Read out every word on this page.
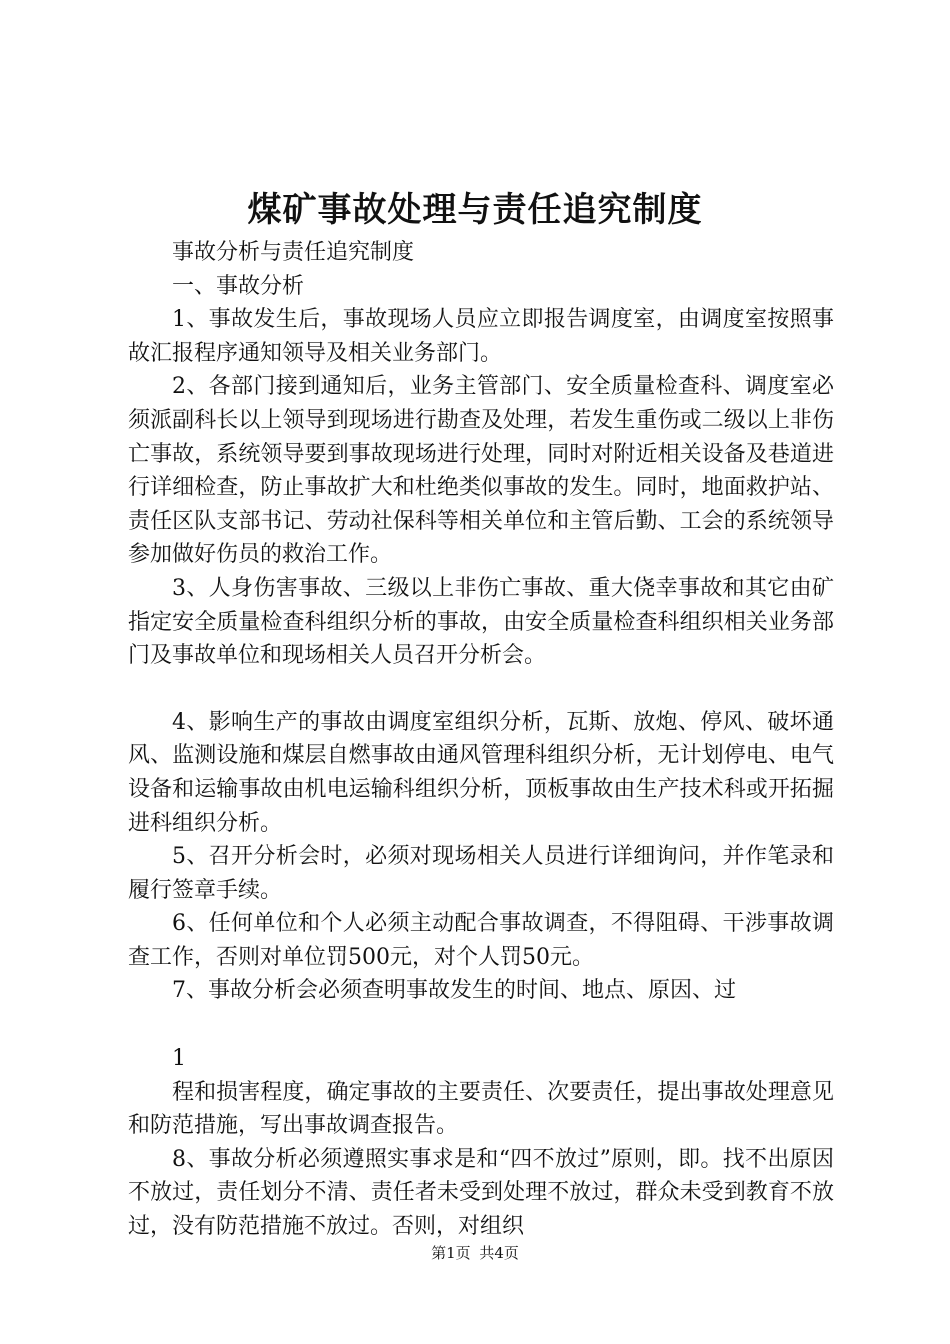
煤矿事故处理与责任追究制度

事故分析与责任追究制度

一、事故分析

1、事故发生后，事故现场人员应立即报告调度室，由调度室按照事故汇报程序通知领导及相关业务部门。

2、各部门接到通知后，业务主管部门、安全质量检查科、调度室必须派副科长以上领导到现场进行勘查及处理，若发生重伤或二级以上非伤亡事故，系统领导要到事故现场进行处理，同时对附近相关设备及巷道进行详细检查，防止事故扩大和杜绝类似事故的发生。同时，地面救护站、责任区队支部书记、劳动社保科等相关单位和主管后勤、工会的系统领导参加做好伤员的救治工作。

3、人身伤害事故、三级以上非伤亡事故、重大侥幸事故和其它由矿指定安全质量检查科组织分析的事故，由安全质量检查科组织相关业务部门及事故单位和现场相关人员召开分析会。

4、影响生产的事故由调度室组织分析，瓦斯、放炮、停风、破坏通风、监测设施和煤层自燃事故由通风管理科组织分析，无计划停电、电气设备和运输事故由机电运输科组织分析，顶板事故由生产技术科或开拓掘进科组织分析。

5、召开分析会时，必须对现场相关人员进行详细询问，并作笔录和履行签章手续。

6、任何单位和个人必须主动配合事故调查，不得阻碍、干涉事故调查工作，否则对单位罚500元，对个人罚50元。

7、事故分析会必须查明事故发生的时间、地点、原因、过

1

程和损害程度，确定事故的主要责任、次要责任，提出事故处理意见和防范措施，写出事故调查报告。

8、事故分析必须遵照实事求是和“四不放过”原则，即。找不出原因不放过，责任划分不清、责任者未受到处理不放过，群众未受到教育不放过，没有防范措施不放过。否则，对组织

第1页 共4页
